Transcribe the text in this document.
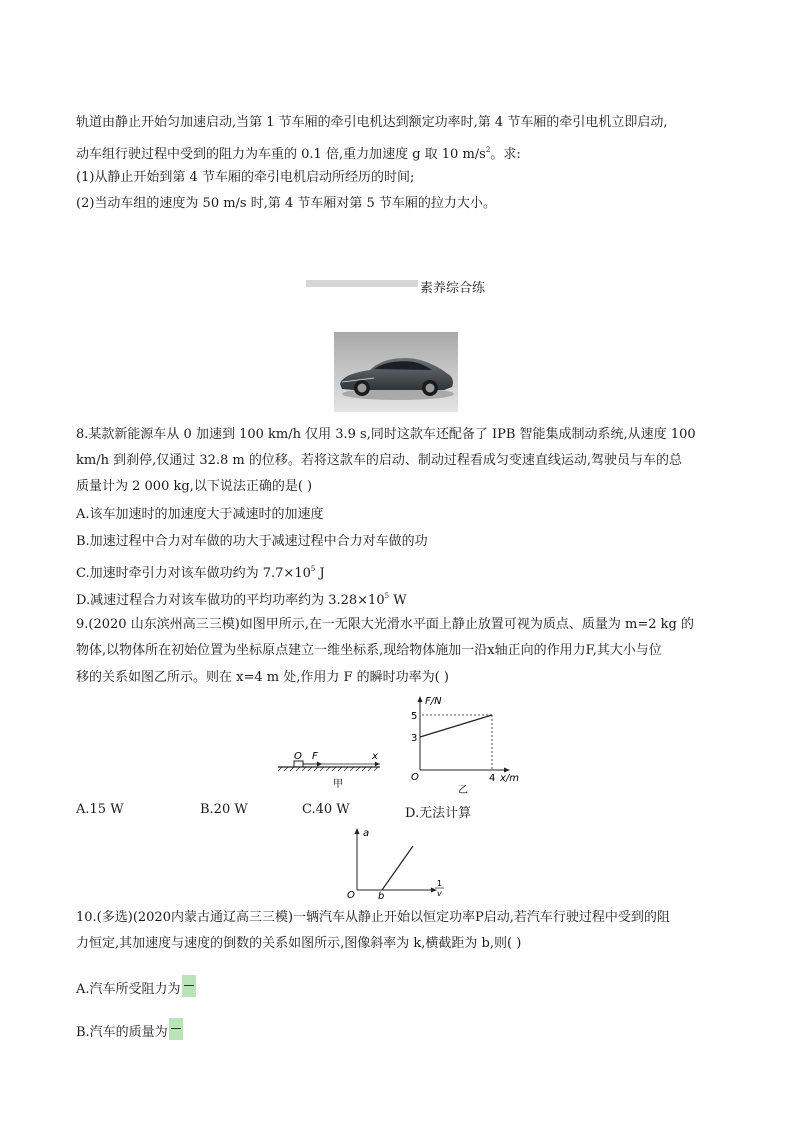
轨道由静止开始匀加速启动,当第 1 节车厢的牵引电机达到额定功率时,第 4 节车厢的牵引电机立即启动,
动车组行驶过程中受到的阻力为车重的 0.1 倍,重力加速度 g 取 10 $m/s^2$。求:
(1)从静止开始到第 4 节车厢的牵引电机启动所经历的时间;
(2)当动车组的速度为 50 m/s 时,第 4 节车厢对第 5 节车厢的拉力大小。
素养综合练
8.某款新能源车从 0 加速到 100 km/h 仅用 3.9 s,同时这款车还配备了 IPB 智能集成制动系统,从速度 100
km/h 到刹停,仅通过 32.8 m 的位移。若将这款车的启动、制动过程看成匀变速直线运动,驾驶员与车的总
质量计为 2 000 kg,以下说法正确的是( )
A.该车加速时的加速度大于减速时的加速度
B.加速过程中合力对车做的功大于减速过程中合力对车做的功
C.加速时牵引力对该车做功约为 $7.7\times 10^5$ J
D.减速过程合力对该车做功的平均功率约为 $3.28\times 10^5$ W
9.(2020 山东滨州高三三模)如图甲所示,在一无限大光滑水平面上静止放置可视为质点、质量为 m=2 kg 的
物体,以物体所在初始位置为坐标原点建立一维坐标系,现给物体施加一沿x轴正向的作用力F,其大小与位
移的关系如图乙所示。则在 x=4 m 处,作用力 F 的瞬时功率为( )
O F	x
甲
F/N
5
3
O	4 x/m
乙
A.15 W	B.20 W	C.40 W	D.无法计算
a
O b
1
v
10.(多选)(2020内蒙古通辽高三三模)一辆汽车从静止开始以恒定功率P启动,若汽车行驶过程中受到的阻
力恒定,其加速度与速度的倒数的关系如图所示,图像斜率为 k,横截距为 b,则( )
A.汽车所受阻力为
B.汽车的质量为
